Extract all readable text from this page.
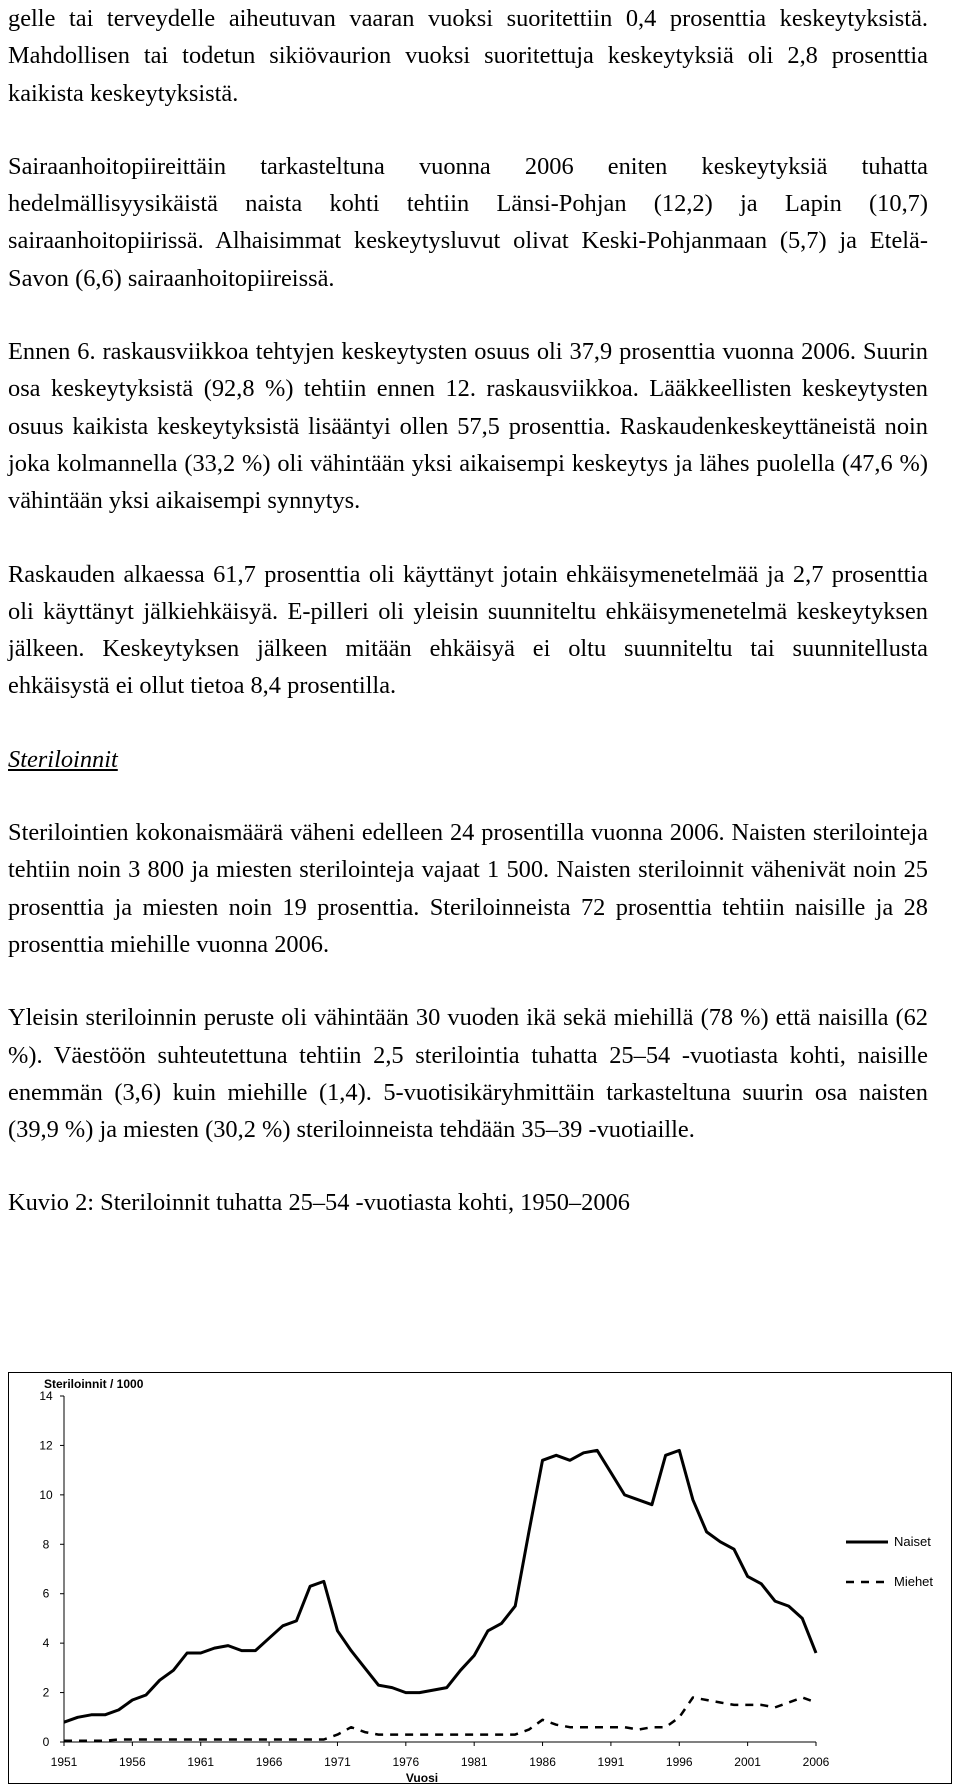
gelle tai terveydelle aiheutuvan vaaran vuoksi suoritettiin 0,4 prosenttia keskeytyksistä. Mahdollisen tai todetun sikiövaurion vuoksi suoritettuja keskeytyksiä oli 2,8 prosenttia kaikista keskeytyksistä.

Sairaanhoitopiireittäin tarkasteltuna vuonna 2006 eniten keskeytyksiä tuhatta hedelmällisyysikäistä naista kohti tehtiin Länsi-Pohjan (12,2) ja Lapin (10,7) sairaanhoitopiirissä. Alhaisimmat keskeytysluvut olivat Keski-Pohjanmaan (5,7) ja Etelä-Savon (6,6) sairaanhoitopiireissä.

Ennen 6. raskausviikkoa tehtyjen keskeytysten osuus oli 37,9 prosenttia vuonna 2006. Suurin osa keskeytyksistä (92,8 %) tehtiin ennen 12. raskausviikkoa. Lääkkeellisten keskeytysten osuus kaikista keskeytyksistä lisääntyi ollen 57,5 prosenttia. Raskaudenkeskeyttäneistä noin joka kolmannella (33,2 %) oli vähintään yksi aikaisempi keskeytys ja lähes puolella (47,6 %) vähintään yksi aikaisempi synnytys.

Raskauden alkaessa 61,7 prosenttia oli käyttänyt jotain ehkäisymenetelmää ja 2,7 prosenttia oli käyttänyt jälkiehkäisyä. E-pilleri oli yleisin suunniteltu ehkäisymenetelmä keskeytyksen jälkeen. Keskeytyksen jälkeen mitään ehkäisyä ei oltu suunniteltu tai suunnitellusta ehkäisystä ei ollut tietoa 8,4 prosentilla.

Steriloinnit

Sterilointien kokonaismäärä väheni edelleen 24 prosentilla vuonna 2006. Naisten sterilointeja tehtiin noin 3 800 ja miesten sterilointeja vajaat 1 500. Naisten steriloinnit vähenivät noin 25 prosenttia ja miesten noin 19 prosenttia. Steriloinneista 72 prosenttia tehtiin naisille ja 28 prosenttia miehille vuonna 2006.

Yleisin steriloinnin peruste oli vähintään 30 vuoden ikä sekä miehillä (78 %) että naisilla (62 %). Väestöön suhteutettuna tehtiin 2,5 sterilointia tuhatta 25–54 -vuotiasta kohti, naisille enemmän (3,6) kuin miehille (1,4). 5-vuotisikäryhmittäin tarkasteltuna suurin osa naisten (39,9 %) ja miesten (30,2 %) steriloinneista tehdään 35–39 -vuotiaille.

Kuvio 2: Steriloinnit tuhatta 25–54 -vuotiasta kohti, 1950–2006

Steriloinnit / 1000
0
2
4
6
8
10
12
14
1951	1956	1961	1966	1971	1976	1981	1986	1991	1996	2001	2006
Vuosi
Naiset
Miehet
